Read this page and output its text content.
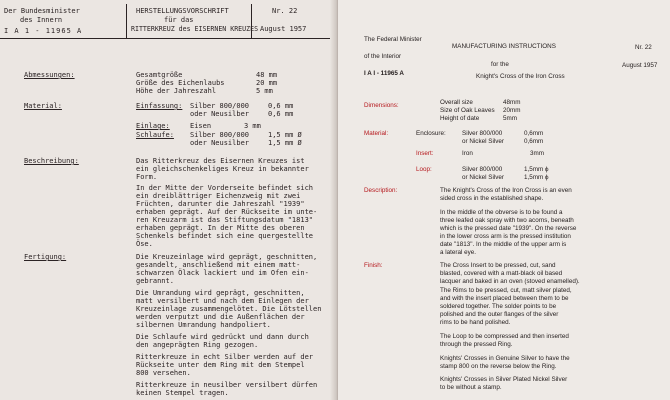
Der Bundesminister
des Innern
I A 1 - 11965 A
HERSTELLUNGSVORSCHRIFT
für das
RITTERKREUZ des EISERNEN KREUZES
Nr. 22
August 1957
Abmessungen:	Gesamtgröße	48 mm
Größe des Eichenlaubs	20 mm
Höhe der Jahreszahl	5 mm
Material:	Einfassung: Silber 800/000	0,6 mm
oder Neusilber	0,6 mm
Einlage:	Eisen	3 mm
Schlaufe: Silber 800/000	1,5 mm Ø
oder Neusilber	1,5 mm Ø
Beschreibung:	Das Ritterkreuz des Eisernen Kreuzes ist
ein gleichschenkeliges Kreuz in bekannter
Form.
In der Mitte der Vorderseite befindet sich
ein dreiblättriger Eichenzweig mit zwei
Früchten, darunter die Jahreszahl "1939"
erhaben geprägt. Auf der Rückseite im unte-
ren Kreuzarm ist das Stiftungsdatum "1813"
erhaben geprägt. In der Mitte des oberen
Schenkels befindet sich eine quergestellte
Öse.
Fertigung:	Die Kreuzeinlage wird geprägt, geschnitten,
gesandelt, anschließend mit einem matt-
schwarzen Ölack lackiert und im Ofen ein-
gebrannt.
Die Umrandung wird geprägt, geschnitten,
matt versilbert und nach dem Einlegen der
Kreuzeinlage zusammengelötet. Die Lötstellen
werden verputzt und die Außenflächen der
silbernen Umrandung handpoliert.
Die Schlaufe wird gedrückt und dann durch
den angeprägten Ring gezogen.
Ritterkreuze in echt Silber werden auf der
Rückseite unter dem Ring mit dem Stempel
800 versehen.
Ritterkreuze in neusilber versilbert dürfen
keinen Stempel tragen.
The Federal Minister
of the Interior
I A I - 11965 A
MANUFACTURING INSTRUCTIONS
for the
Knight's Cross of the Iron Cross
Nr. 22
August 1957
Dimensions:	Overall size	48mm
Size of Oak Leaves 20mm
Height of date	5mm
Material:	Enclosure:	Silver 800/000	0,6mm
or Nickel Silver	0,6mm
Insert:	Iron	3mm
Loop:	Silver 800/000	1,5mm ϕ
or Nickel Silver	1,5mm ϕ
Description:	The Knight's Cross of the Iron Cross is an even
sided cross in the established shape.
In the middle of the obverse is to be found a
three leafed oak spray with two acorns, beneath
which is the pressed date "1939". On the reverse
in the lower cross arm is the pressed institution
date "1813". In the middle of the upper arm is
a lateral eye.
Finish:	The Cross Insert to be pressed, cut, sand
blasted, covered with a matt-black oil based
lacquer and baked in an oven (stoved enamelled).
The Rims to be pressed, cut, matt silver plated,
and with the insert placed between them to be
soldered together. The solder points to be
polished and the outer flanges of the silver
rims to be hand polished.
The Loop to be compressed and then inserted
through the pressed Ring.
Knights' Crosses in Genuine Silver to have the
stamp 800 on the reverse below the Ring.
Knights' Crosses in Silver Plated Nickel Silver
to be without a stamp.
